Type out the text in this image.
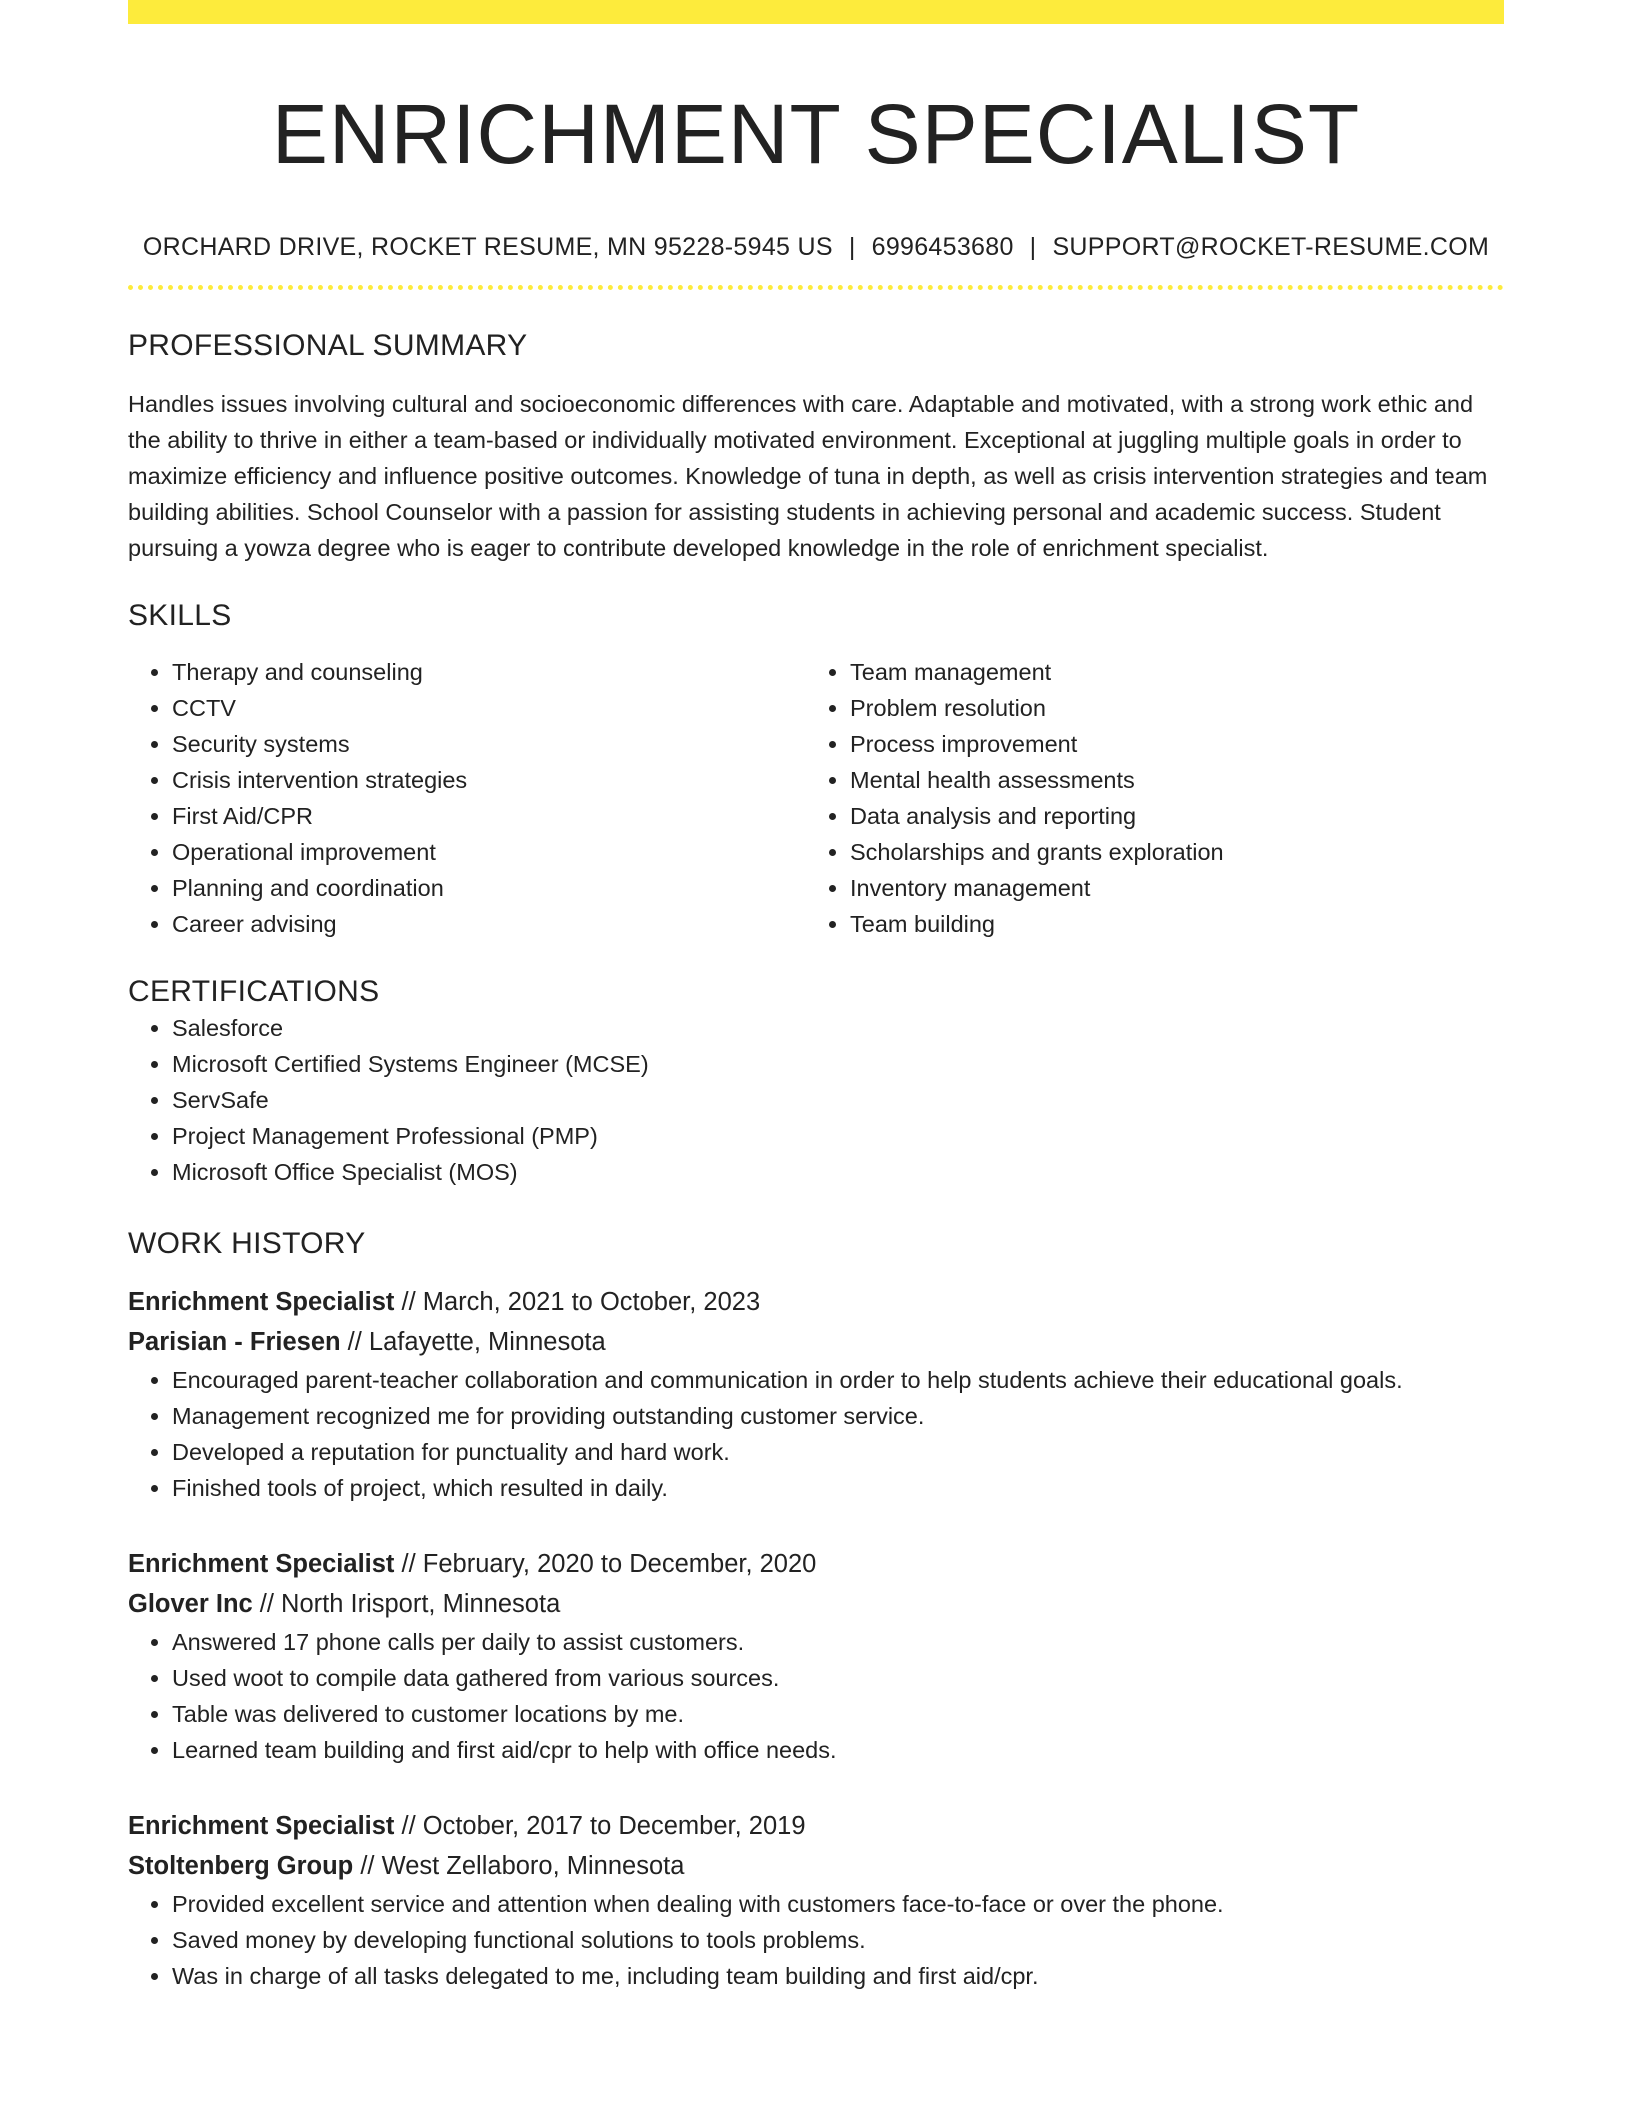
ENRICHMENT SPECIALIST
ORCHARD DRIVE, ROCKET RESUME, MN 95228-5945 US | 6996453680 | SUPPORT@ROCKET-RESUME.COM
PROFESSIONAL SUMMARY
Handles issues involving cultural and socioeconomic differences with care. Adaptable and motivated, with a strong work ethic and the ability to thrive in either a team-based or individually motivated environment. Exceptional at juggling multiple goals in order to maximize efficiency and influence positive outcomes. Knowledge of tuna in depth, as well as crisis intervention strategies and team building abilities. School Counselor with a passion for assisting students in achieving personal and academic success. Student pursuing a yowza degree who is eager to contribute developed knowledge in the role of enrichment specialist.
SKILLS
• Therapy and counseling
• CCTV
• Security systems
• Crisis intervention strategies
• First Aid/CPR
• Operational improvement
• Planning and coordination
• Career advising
• Team management
• Problem resolution
• Process improvement
• Mental health assessments
• Data analysis and reporting
• Scholarships and grants exploration
• Inventory management
• Team building
CERTIFICATIONS
• Salesforce
• Microsoft Certified Systems Engineer (MCSE)
• ServSafe
• Project Management Professional (PMP)
• Microsoft Office Specialist (MOS)
WORK HISTORY
Enrichment Specialist // March, 2021 to October, 2023
Parisian - Friesen // Lafayette, Minnesota
• Encouraged parent-teacher collaboration and communication in order to help students achieve their educational goals.
• Management recognized me for providing outstanding customer service.
• Developed a reputation for punctuality and hard work.
• Finished tools of project, which resulted in daily.
Enrichment Specialist // February, 2020 to December, 2020
Glover Inc // North Irisport, Minnesota
• Answered 17 phone calls per daily to assist customers.
• Used woot to compile data gathered from various sources.
• Table was delivered to customer locations by me.
• Learned team building and first aid/cpr to help with office needs.
Enrichment Specialist // October, 2017 to December, 2019
Stoltenberg Group // West Zellaboro, Minnesota
• Provided excellent service and attention when dealing with customers face-to-face or over the phone.
• Saved money by developing functional solutions to tools problems.
• Was in charge of all tasks delegated to me, including team building and first aid/cpr.
